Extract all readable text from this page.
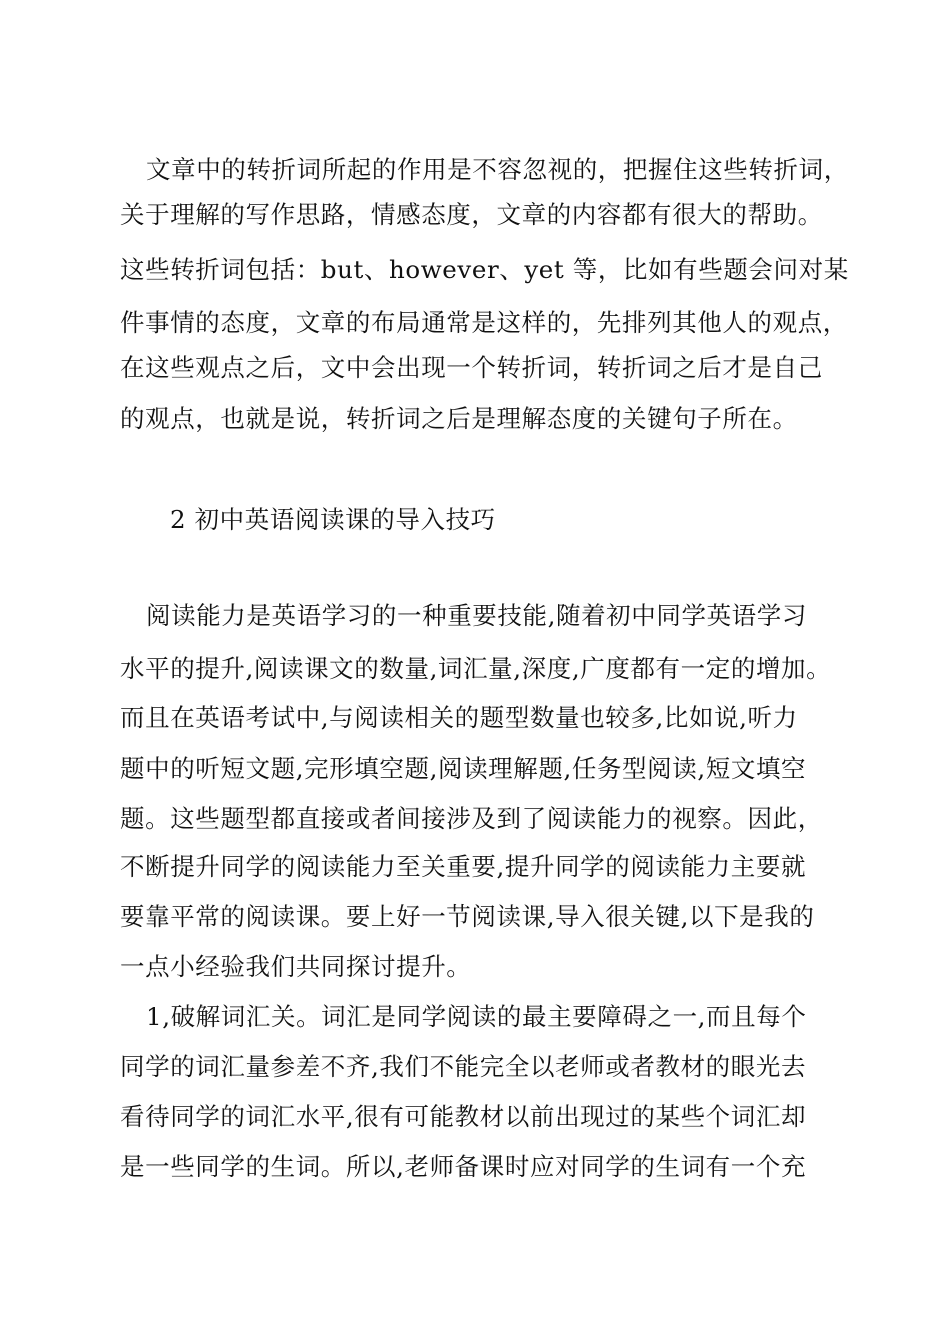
文章中的转折词所起的作用是不容忽视的，把握住这些转折词，
关于理解的写作思路，情感态度，文章的内容都有很大的帮助。
这些转折词包括：but、however、yet 等，比如有些题会问对某
件事情的态度，文章的布局通常是这样的，先排列其他人的观点，
在这些观点之后，文中会出现一个转折词，转折词之后才是自己
的观点，也就是说，转折词之后是理解态度的关键句子所在。
2 初中英语阅读课的导入技巧
阅读能力是英语学习的一种重要技能,随着初中同学英语学习
水平的提升,阅读课文的数量,词汇量,深度,广度都有一定的增加。
而且在英语考试中,与阅读相关的题型数量也较多,比如说,听力
题中的听短文题,完形填空题,阅读理解题,任务型阅读,短文填空
题。这些题型都直接或者间接涉及到了阅读能力的视察。因此，
不断提升同学的阅读能力至关重要,提升同学的阅读能力主要就
要靠平常的阅读课。要上好一节阅读课,导入很关键,以下是我的
一点小经验我们共同探讨提升。
1,破解词汇关。词汇是同学阅读的最主要障碍之一,而且每个
同学的词汇量参差不齐,我们不能完全以老师或者教材的眼光去
看待同学的词汇水平,很有可能教材以前出现过的某些个词汇却
是一些同学的生词。所以,老师备课时应对同学的生词有一个充
